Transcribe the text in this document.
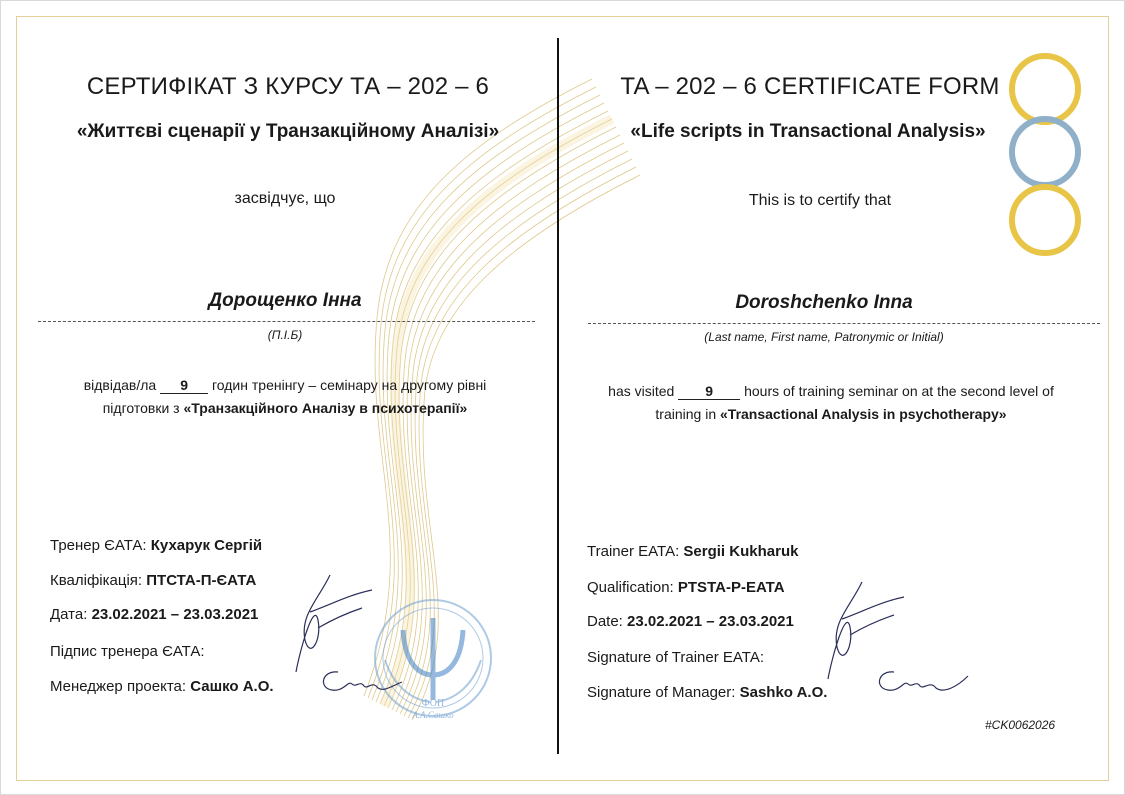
ФОП
А.А.Сашко
СЕРТИФІКАТ З КУРСУ ТА – 202 – 6
«Життєві сценарії у Транзакційному Аналізі»
засвідчує, що
Дорощенко Інна
(П.І.Б)
відвідав/ла 9 годин тренінгу – семінару на другому рівні
підготовки з «Транзакційного Аналізу в психотерапії»
Тренер ЄАТА: Кухарук Сергій
Кваліфікація: ПТСТА-П-ЄАТА
Дата: 23.02.2021 – 23.03.2021
Підпис тренера ЄАТА:
Менеджер проекта: Сашко А.О.
TA – 202 – 6 CERTIFICATE FORM
«Life scripts in Transactional Analysis»
This is to certify that
Doroshchenko Inna
(Last name, First name, Patronymic or Initial)
has visited 9 hours of training seminar on at the second level of
training in «Transactional Analysis in psychotherapy»
Trainer EATA: Sergii Kukharuk
Qualification: PTSTA-P-EATA
Date: 23.02.2021 – 23.03.2021
Signature of Trainer EATA:
Signature of Manager: Sashko A.O.
#CK0062026
